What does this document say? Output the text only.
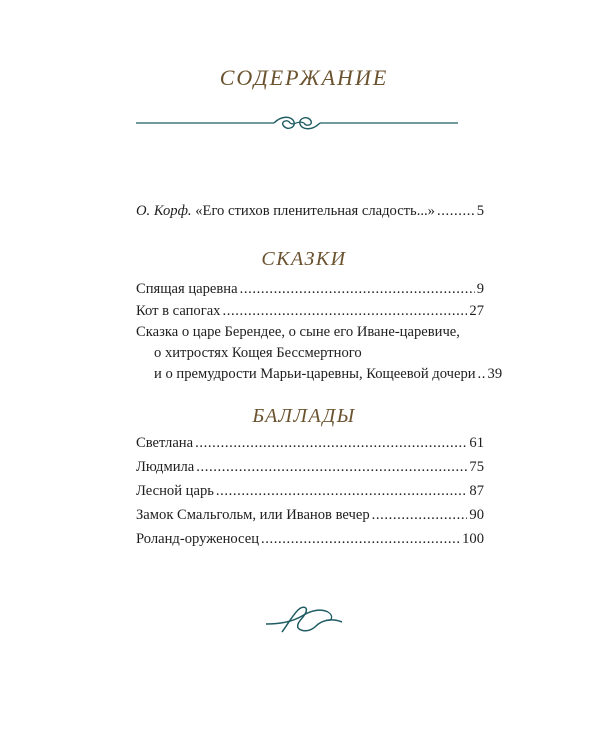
СОДЕРЖАНИЕ
О. Корф. «Его стихов пленительная сладость...» .....	5
СКАЗКИ
Спящая царевна .....	9
Кот в сапогах .....	27
Сказка о царе Берендее, о сыне его Иване-царевиче,
о хитростях Кощея Бессмертного
и о премудрости Марьи-царевны, Кощеевой дочери ..... 39
БАЛЛАДЫ
Светлана .....	61
Людмила .....	75
Лесной царь .....	87
Замок Смальгольм, или Иванов вечер .....	90
Роланд-оруженосец .....	100
